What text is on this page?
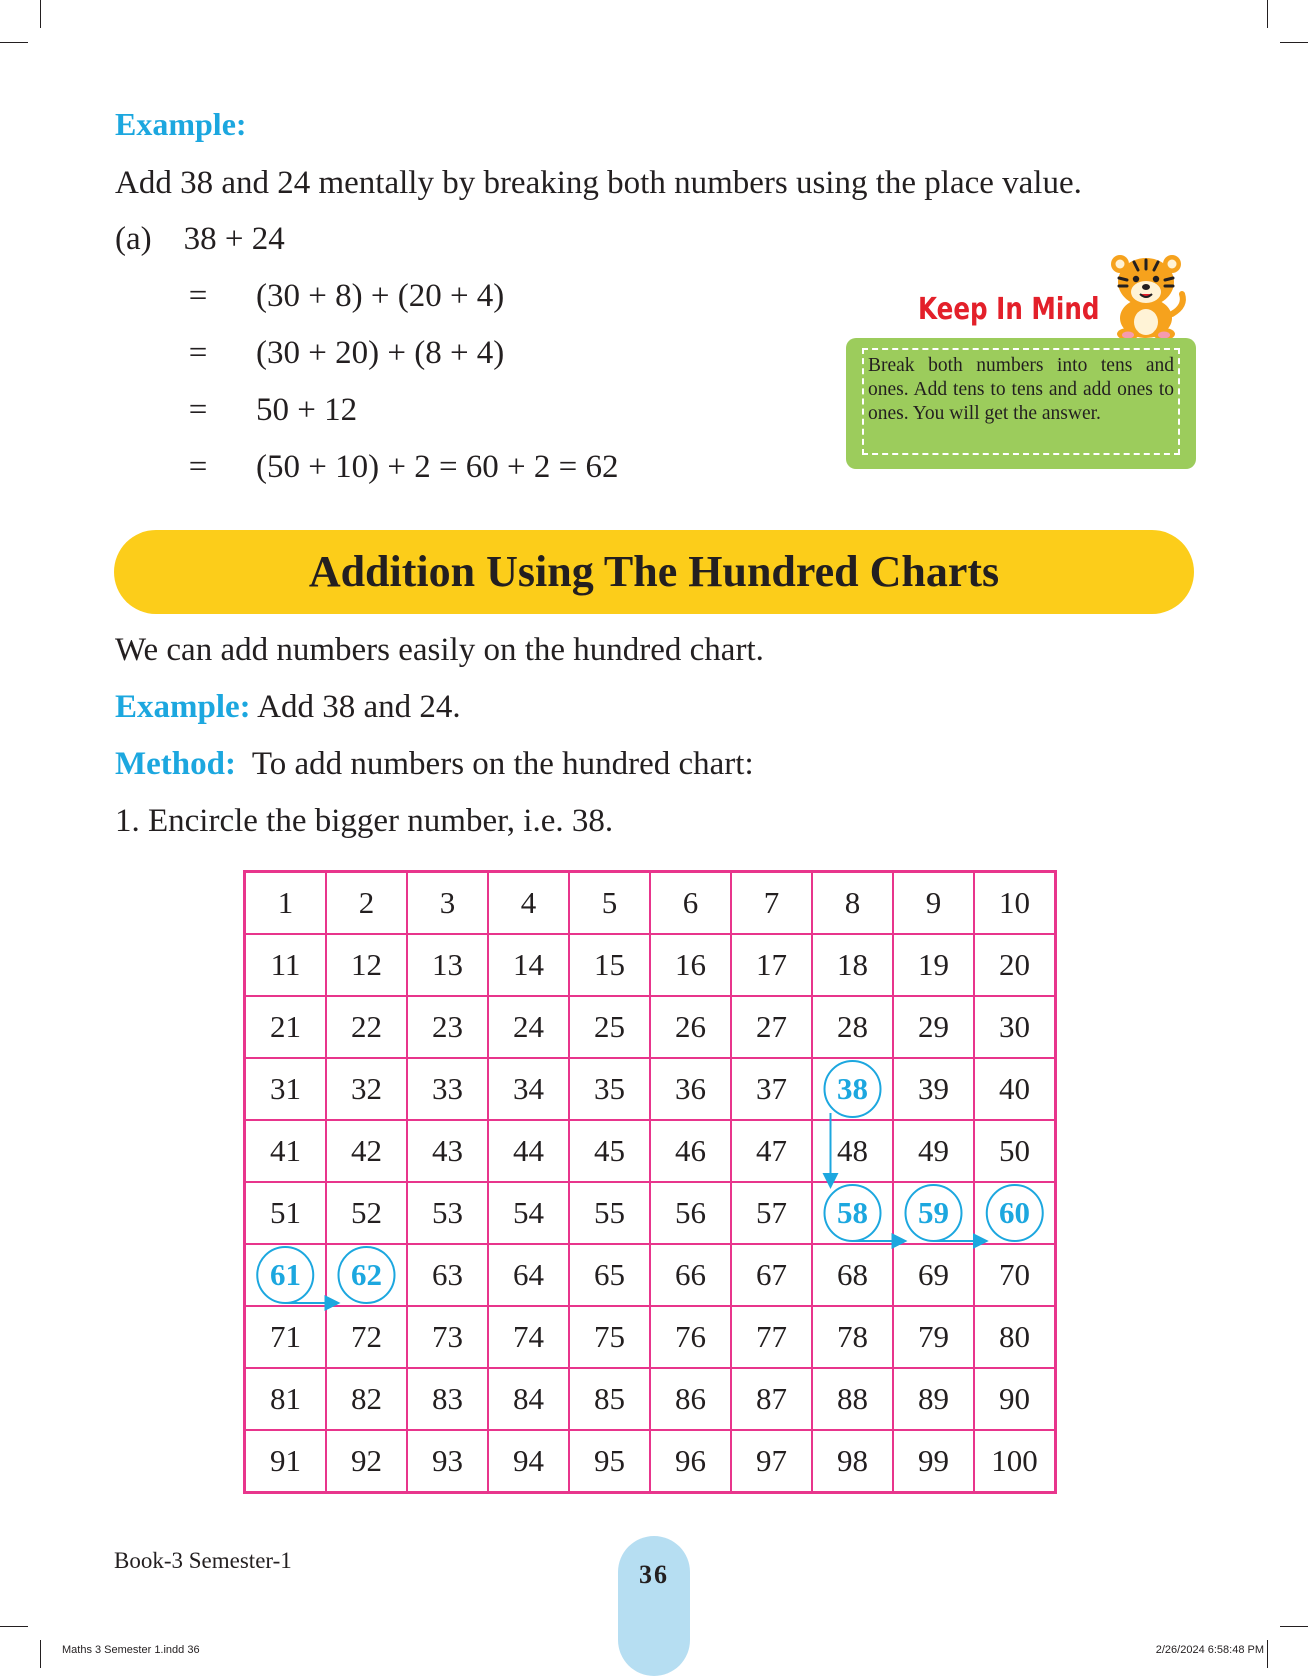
Example:
Add 38 and 24 mentally by breaking both numbers using the place value.
(a) 38 + 24
= (30 + 8) + (20 + 4)
= (30 + 20) + (8 + 4)
= 50 + 12
= (50 + 10) + 2 = 60 + 2 = 62
Keep In Mind
Break both numbers into tens and ones. Add tens to tens and add ones to ones. You will get the answer.
Addition Using The Hundred Charts
We can add numbers easily on the hundred chart.
Example: Add 38 and 24.
Method: To add numbers on the hundred chart:
1. Encircle the bigger number, i.e. 38.
1	2	3	4	5	6	7	8	9	10
11	12	13	14	15	16	17	18	19	20
21	22	23	24	25	26	27	28	29	30
31	32	33	34	35	36	37	38	39	40
41	42	43	44	45	46	47	48	49	50
51	52	53	54	55	56	57	58	59	60
61	62	63	64	65	66	67	68	69	70
71	72	73	74	75	76	77	78	79	80
81	82	83	84	85	86	87	88	89	90
91	92	93	94	95	96	97	98	99	100
Book-3 Semester-1	36
Maths 3 Semester 1.indd 36	2/26/2024 6:58:48 PM
